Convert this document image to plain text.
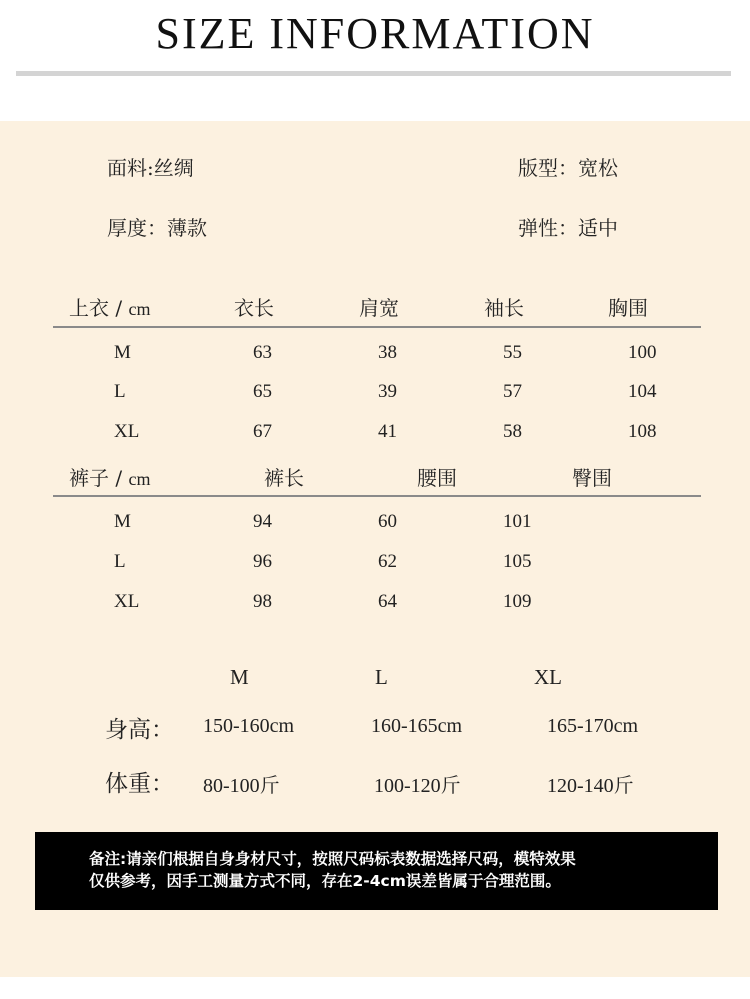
SIZE INFORMATION
面料:丝绸	版型：宽松
厚度：薄款	弹性：适中
上衣 / cm	衣长	肩宽	袖长	胸围
M	63	38	55	100
L	65	39	57	104
XL	67	41	58	108
裤子 / cm	裤长	腰围	臀围
M	94	60	101
L	96	62	105
XL	98	64	109
M	L	XL
身高： 150-160cm	160-165cm	165-170cm
体重： 80-100斤	100-120斤	120-140斤
备注:请亲们根据自身身材尺寸，按照尺码标表数据选择尺码，模特效果
仅供参考，因手工测量方式不同，存在2-4cm误差皆属于合理范围。
